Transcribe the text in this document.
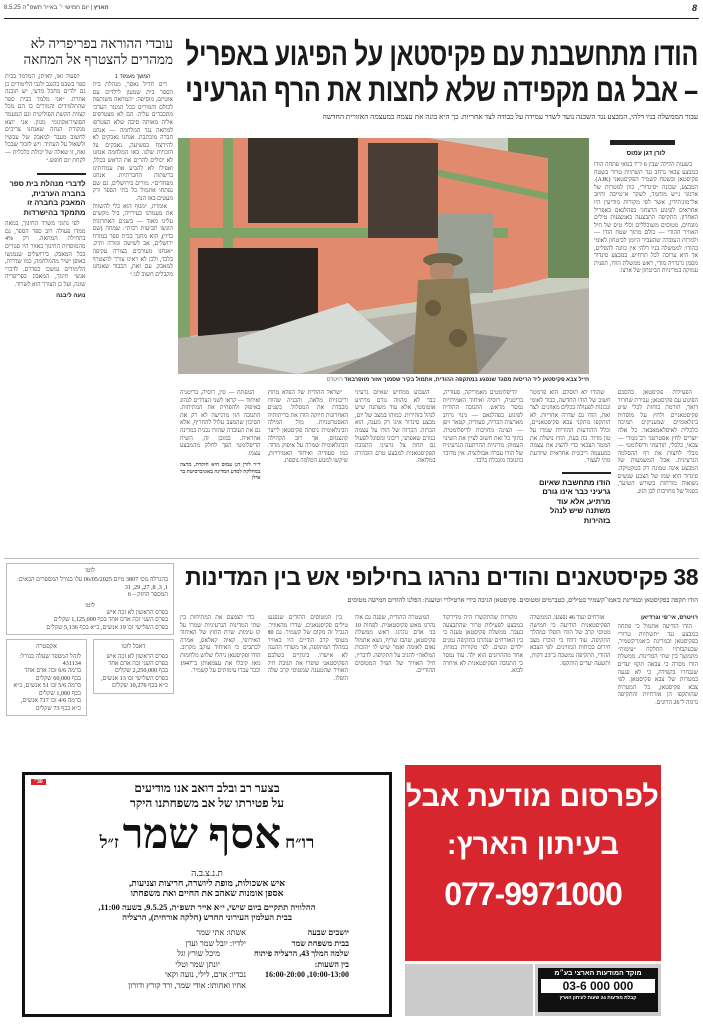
הארץ | יום חמישי י׳ באייר תשפ״ה 8.5.25	8
הודו מתחשבנת עם פקיסטאן על הפיגוע באפריל
– אבל גם מקפידה שלא לחצות את הרף הגרעיני
עבור הממשלה בניו דלהי, המבצע נגד השכנה נועד לשדר עמידה על כבודה לצד אחריות. כך היא בונה את עצמה כמעצמה האזורית החדשה
חייל צבא פקיסטאן ליד הריסות מסגד שנפגע במתקפה ההודית, אתמול בקיר שסמוך אזור מוזפרבאד רויטרס
לורן דגן עמוס

בשעות הלילה שבין 6 ל־7 במאי פתחה הודו במבצע צבאי נרחב נגד תשתיות טרור בשטח פקיסטאן ובשטח קשמיר הפקיסטאני (AJK). המבצע, שכונה ״סינדור״, כוון למטרות של ארגוני ג׳יש מוחמד, לשקר א־טייבה וחיזב אל־מוג׳הידין, אשר לפי מקורות מודיעין היו אחראים לפיגוע הרצחני בפהלגאם באפריל האחרון. התקיפה התבצעה באמצעות טילים מונחים, מטוסים משוכללים וכלי טיס של חיל האוויר ההודי — כולם מתוך שטח הודו — ולמרות העובדה שהעביר היומן לביטחון לאומי בהודו: לממשלה בניו דלהי אין כוונה להסלים, אך היא ערוכה לכל תרחיש. במבצע סינדור מסמן נרנדרה מודי, ראש ממשלת הודו, תפנית עמוקה במדיניות הביטחון של ארצו.

הפעילות פקיסטאן בהסכם הפיגוע עם פקיסטאן; עבירת שחרור דואר, הזרמת כוחות לכלי שיט פקיסטאניים ולחץ על מוסדות בינלאומיים שמעניקים תמיכה כלכלית לאיסלאמאבאד. כל אלה יוצרים לחץ אסטרטגי רב־ממדי — צבאי, כלכלי, תודעתי ודיפלומטי — מבלי לחצות את רף ההסלמה הגרעינית. אבל המשמעות של המבצע אינה טמונה רק בטקטיקה. סינדור הוא שמו של הצבע שנשים נשואות מורחות בשורש השיער, כסמל של מחויבות לבן הזוג.

שהודו לא תוסלם. הוא פרמטר חשוב של הודו החדשה, כבוד לאומי ונכונות לפעולה בכלים מאוזנים. לצד זאת, הודו גם שדרה אחריות. לא הותקפו מתקני צבא פקיסטאניים, וכלל ההודעות ההודיות שמרו על טון מדוד. בה בעת, הודו נושלת את הממד הצבאי כדי להציג את עצמה כמעצמה ריבונית אחראית שיודעת מתי לעצור.

הודו מתחשבת שאיום גרעיני כבר אינו גורם מרתיע, אלא עוד משתנה שיש לנהל בזהירות

לדיפלומטים מאמריקה, סעודיה, בריטניה, רוסיה ואיחוד האמירויות נמסר מראש. התגובה ההודית לפיגוע בפהלגאם — גינוי נרחב מארצות הברית, סעודיה, קטאר ויפן — הציגה מחויבות לדיפלומטיה. בתוך כל זאת חשוב לציין את השינוי העמוק: מדיניות ההרתעה הגרעינית של הודו עברה אבולוציה. אין מדובר בתגובה מוגבלת בלבד.

השבוע ממחיש שאיום גרעיני כבר לא מהווה גורם מרתיע אוטומטי, אלא עוד משתנה שיש לנהל בזהירות. כמוהו במצב של יום, מבצע סינדור אינו רק מענה, הוא הכרזה. הכרזה של הודו על עצמה כגורם שאפתני, ריבוני ומסוגל לפעול גם תחת צל גרעיני. התגובה הפקיסטאנית למבצע טרם הובהרה במלואה.

ישראל ההודית של הפלא מחוץ וריבוניות מלאה, והבניה שהודו מכבדת את המסלול. בשנים האחרונות חיזקה הודו את בריתותיה האסטרטגיות. מול המילה הבינלאומית ניסתה פקיסטאן לייצר קונצנזוס, אך רוב הקהילה הבינלאומית שמרה על איפוק מדוד. כמו סעודיה ואיחוד האמירויות, שיקשו למנוע הסלמה נוספת.

המפתח — סין, רוסיה, בריטניה ואיחוד — קראו לשני הצדדים לנהוג באיפוק ולהפחית את המתיחות. התגובה הזו מדגישה לא רק את הסיכון שהמצב עלול להחריף, אלא גם את העובדה שהודו נבנית כמדינה אחראית. במובן זה, השיח הדיפלומטי הפך לחלק מהמבצע עצמו.

ד״ר לורן דגן עמוס היא חוקרת, מרצה במחלקה למדע המדינה באוניברסיטת בר אילן
עובדי ההוראה בפריפריה לא ממהרים להצטרף אל המחאה
המשך מעמוד 1

רים חדיל נאסר, מנהלת בית הספר בית שמעון לילדים עם אוטיזם, מוסיפה: ״המחאה משותפת לכולם והמורים בכל המגזר הערבי מתכבדים עליה. הם לא מצטרפים אליה מאותה סיבה שלא הצטרפו למחאה נגד המלחמה — אנחנו חברה מוכתבת. אנחנו נאבקים לא להירצח בפשיעה, נאבקים על הזכויות שלנו. באו המלחמה אנחנו לא יכולים להרים את הראש בכלל, ואפילו לא להביע את עמדותינו ברשתות החברתיות. אנחנו מפחדים״. מורים בירושלים, גם שם נפתחו אתמול כל בתי הספר ורק מעטים באו הנה.

אומרת, ״מנוף הוא כלי להשוות את מעמדנו בעירייה, ביל מקשים עלינו מאוד — בשנים האחרונות הוגשו תביעות רבות״. שמחה (שם בדוי), הוא מחנך בבית ספר במזרח ירושלים, אב לשישה ומורה ותיק. ״אנחנו מעורבים בצורה עקיפה בלבד, ולכן לא ראינו צורך להצטרף למאבק. עם זאת, הכבוד שאנחנו מקבלים חשוב לנו.״

לפעול ואז, לאיתן, המלמד בבית ספר בשבט בהנגב ולגבי הלימודים כן גם ילדים מחכל מדעי, יש תובנה אחרת. ״אני מלמד בבית ספר שהתלמידים והמורים בו הם מכל קצוות הקשת הפוליטית וגם המעמד הסוציו־אקונומי מגוון. אני יוצא מנקודת הנחה שאנחנו צריכים לחשוב מעבר למאבק של עכשיו ולשאול על העתיד. ויש לזכור שבכל זאת, זו שאלה של יכולת כלכלית — לקחת יום חופש.״

לדברי מנהלת בית ספר בחברה הערבית, המאבק בחברה זו מתמקד בהישרדות

לפי נתוני משרד החינוך, במאה ממדו פעולה רוב ספר הספר, גם בתחילת המחאה. רק 4% מהמוסדות החינוך באזור היו סגורים בכל המאבק. בירושלים שגמגשו באופן ישיר מהמלחמה, כמו שדרות, הלימודים נמשכו כסדרם. לדברי אנשי חינוך, המאבק בפריפריה שונה, ועל כן הצורך הוא לשרוד.

נועה ליבנה
38 פקיסטאנים והודים נהרגו בחילופי אש בין המדינות
הודו תקפה בפקיסטאן ובמרינת כ'אמו־קשמיר בטילים, כטב"מים ומטוסים. פקיסטאן הגיבה בירי ארטילרי וטוענת: הפלנו להודים חמישה מטוסים
רויטרס, אי־פי וגרדיאן

הודו הודיעה אתמול כי פתחה במבצע נגד ״תשתיות טרור״ בפקיסטאן ובמרינת כ׳אמו־קשמיר, שבעקבותיו התלקח ״עימות״ מתמשך בין שתי המדינות. ממשלת הודו מסרה כי צבאה תקף יעדים שנבחרו בקפידה, כי לא פגעה במטרות של צבא פקיסטאן. לפי צבא פקיסטאן, כל המטרות שהותקפו הן אזרחיות והתקיפה גרמה ל־26 הרוגים.

אזרחים ועוד 46 נפצעו. הממשלה הפקיסטאנית הודיעה כי חמישה מטוסי קרב של הודו הופלו במהלך התקיפה. עוד דווח כי הוכרז מצב חירום בכוחות המזוינים. לפי הצבא ההודי, התקיפה נמשכה ב־23 דקות, ותשעה יעדים הותקפו.

מקורות שהתקשרו היה מדירקוד במבצע לפעילות טרור שהתבצעה בעבר. ממשלת פקיסטאן טענה כי בין האזרחים שנהרגו בתקיפה נמנים ילדים ונשים. לפי מקורות במחוז, אחד מההרוגים הוא ילד. עוד נמסר כי התגובה הפקיסטאנית לא איחרה לבוא.

המשטרה ההודית, שפנה גם אלו נהרגו מאש פקיסטאנית. לפחות 10 בני אדם נהרגו. ראש ממשלת פקיסטאן, שהבז שריף, נשא אתמול נאום לאומה ואמר שיש לו ״הזכות המלאה״ להגיב על התקיפה. לדבריו, חיל האוויר של הפיל המטוסים ההודיים.

בין המטוסים ההודים שנפגעו טילים פקיסטאנים. שדרו מהאוויר. הגביל זה מקום של קשמיר. גם 80 מטוסי קרב הודיים היו באוויר במהלך המתקפה, אך משרדי ההגנה לא אישרו. בינתיים בשלבם הפקיסטאני שיפרו את תגובת חיל האוויר שהטענה שמטוסי קרב שלה הופלו.

כדי לצמצם את המתיחות בין שתי המדינות הגרעיניות שמרו על קו עימות. שרת החוץ של האיחוד האירופי, קאיה קאלאס, אמרה לכתבים כי האיחוד עוקב מקרוב. הודו ופקיסטאן ניהלו שלוש מלחמות מאז קיבלו את עצמאותן ב־1947 וכבר עברו עימותים על קשמיר.

לוטו
בהגרלה מס׳ 3807 מיום 06/05/2025 עלו בגורל המספרים הבאים:
1, 3, 8, 27, 29, 31
המספר החזק – 6
לוטו
בפרס הראשון לא זכה איש
בפרס השני זכה אדם אחד בכף 1,125,000 שקלים
בפרס השלישי זכו 19 אנשים, כ״א בכף 5,136 שקלים
דאבל לוטו
בפרס הראשון לא זכה איש
בפרס השני זכה אדם אחד
בכף 2,250,000 שקלים
בפרס השלישי זכו 13 אנשים, כ״א בכף 10,276 שקלים
אקסטרה
לזהל המספר שעלה בגורל:
431134
ברמה 6/6 זכה אדם אחד
בכף 60,000 שקלים
ברמה 5/6 זכו 51 אנשים, כ״א בכף 1,000 שקלים
ברמה 4/6 זכו 717 אנשים, כ״א בכף 73 שקלים
30״	בצער רב ובלב דואב אנו מודיעים
על פטירתו של אב משפחתנו היקר
רו״ח אסף שמר ז״ל
ת.נ.צ.ב.ה
איש אשכולות, מופת ליושרה, חריצות וצניעות,
אספן אומנות שאהב את החיים ואת משפחתו
ההלוויה תתקיים ביום שישי, י״א אייר תשפ״ה, 9.5.25, בשעה 11:00,
בבית העלמין העירוני החדש (חלקה אורחית), הרצליה
יושבים שבעה
בבית משפחת שמר
שלמה המלך 43, הרצליה פיתוח
בין השעות:
16:00-20:00 ,10:00-13:00
אשתו: אתי שמר
ילדיו: יובל שמר ועדן
מיכל שורץ וגל
יונתן שמר וטלי
נכדיו: אדם, לילי, נועה וקאי
אחיו ואחותו: אודי שמר, ורד קורץ ודורון
לפרסום מודעת אבל
בעיתון הארץ:
077-9971000
מוקד המודעות הארצי בע״מ
03-6 000 000
קבלת מודעות 24 שעות לעיתון הארץ
